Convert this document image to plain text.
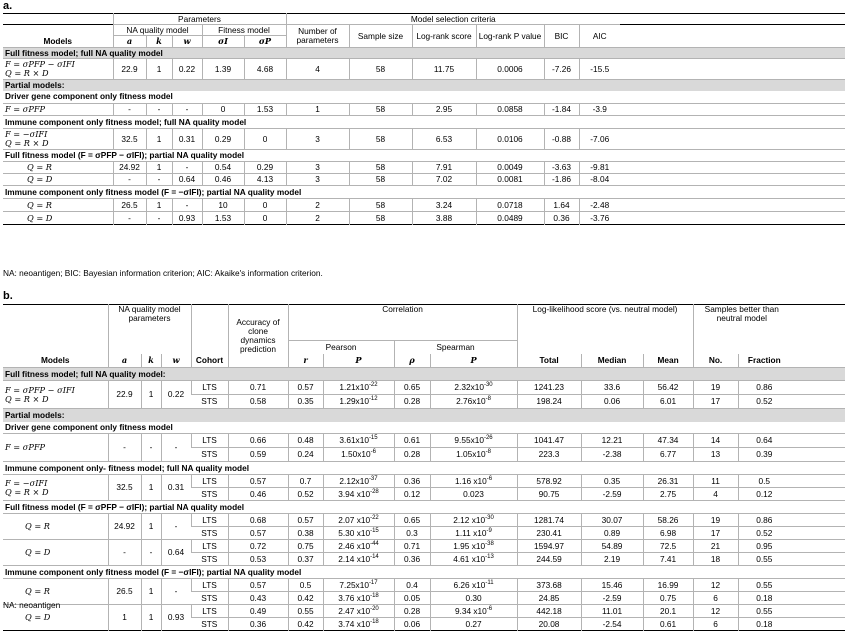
a.
	Parameters					Model selection criteria						
	NA quality model			Fitness model		Number of parameters	Sample size	Log-rank score	Log-rank P value	BIC	AIC	
Models	a	k	w	σI	σP							
Full fitness model; full NA quality model												

F = σPFP − σIFI
Q = R × D	22.9	1	0.22	1.39	4.68	4	58	11.75	0.0006	-7.26	-15.5	
Partial models:												
Driver gene component only fitness model												
F = σPFP	-	-	-	0	1.53	1	58	2.95	0.0858	-1.84	-3.9	
Immune component only fitness model; full NA quality model												

F = −σIFI
Q = R × D	32.5	1	0.31	0.29	0	3	58	6.53	0.0106	-0.88	-7.06	
Full fitness model (F = σPFP − σIFI); partial NA quality model												
Q = R	24.92	1	-	0.54	0.29	3	58	7.91	0.0049	-3.63	-9.81	
Q = D	-	-	0.64	0.46	4.13	3	58	7.02	0.0081	-1.86	-8.04	
Immune component only fitness model (F = −σIFI); partial NA quality model												
Q = R	26.5	1	-	10	0	2	58	3.24	0.0718	1.64	-2.48	
Q = D	-	-	0.93	1.53	0	2	58	3.88	0.0489	0.36	-3.76	
NA: neoantigen; BIC: Bayesian information criterion; AIC: Akaike's information criterion.
b.
	NA quality model parameters				Accuracy of clone dynamics prediction	Correlation				Log-likelihood score (vs. neutral model)			Samples better than neutral model		
						Pearson		Spearman							
Models	a	k	w	Cohort		r	P	ρ	P	Total	Median	Mean	No.	Fraction	
Full fitness model; full NA quality model:															

F = σPFP − σIFI
Q = R × D	22.9	1	0.22	LTS	0.71	0.57	$1.21x10^{-22}$	0.65	$2.32x10^{-30}$	1241.23	33.6	56.42	19	0.86	
				STS	0.58	0.35	$1.29x10^{-12}$	0.28	$2.76x10^{-8}$	198.24	0.06	6.01	17	0.52	
Partial models:															
Driver gene component only fitness model															
F = σPFP	-	-	-	LTS	0.66	0.48	$3.61x10^{-15}$	0.61	$9.55x10^{-26}$	1041.47	12.21	47.34	14	0.64	
				STS	0.59	0.24	$1.50x10^{-6}$	0.28	$1.05x10^{-8}$	223.3	-2.38	6.77	13	0.39	
Immune component only- fitness model; full NA quality model															

F = −σIFI
Q = R × D	32.5	1	0.31	LTS	0.57	0.7	$2.12x10^{-37}$	0.36	1.16 $x10^{-6}$	578.92	0.35	26.31	11	0.5	
				STS	0.46	0.52	3.94 $x10^{-28}$	0.12	0.023	90.75	-2.59	2.75	4	0.12	
Full fitness model (F = σPFP − σIFI); partial NA quality model															
Q = R	24.92	1	-	LTS	0.68	0.57	2.07 $x10^{-22}$	0.65	2.12 $x10^{-30}$	1281.74	30.07	58.26	19	0.86	
				STS	0.57	0.38	5.30 $x10^{-15}$	0.3	1.11 $x10^{-9}$	230.41	0.89	6.98	17	0.52	
Q = D	-	-	0.64	LTS	0.72	0.75	2.46 $x10^{-44}$	0.71	1.95 $x10^{-38}$	1594.97	54.89	72.5	21	0.95	
				STS	0.53	0.37	2.14 $x10^{-14}$	0.36	4.61 $x10^{-13}$	244.59	2.19	7.41	18	0.55	
Immune component only fitness model (F = −σIFI); partial NA quality model															
Q = R	26.5	1	-	LTS	0.57	0.5	$7.25x10^{-17}$	0.4	6.26 $x10^{-11}$	373.68	15.46	16.99	12	0.55	
				STS	0.43	0.42	3.76 $x10^{-18}$	0.05	0.30	24.85	-2.59	0.75	6	0.18	
Q = D	1	1	0.93	LTS	0.49	0.55	2.47 $x10^{-20}$	0.28	9.34 $x10^{-6}$	442.18	11.01	20.1	12	0.55	
				STS	0.36	0.42	3.74 $x10^{-18}$	0.06	0.27	20.08	-2.54	0.61	6	0.18	
NA: neoantigen
